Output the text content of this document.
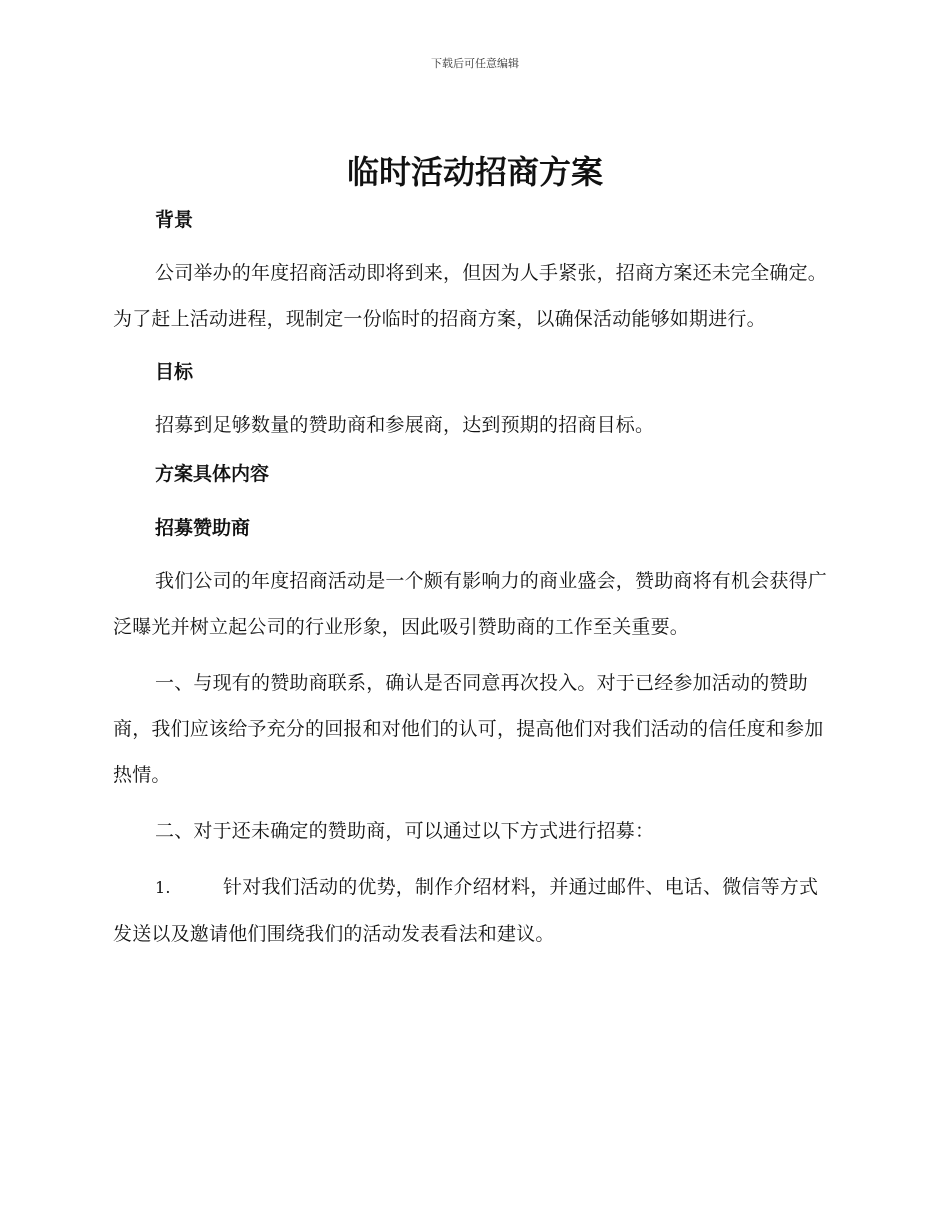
下载后可任意编辑
临时活动招商方案
背景

公司举办的年度招商活动即将到来，但因为人手紧张，招商方案还未完全确定。为了赶上活动进程，现制定一份临时的招商方案，以确保活动能够如期进行。

目标

招募到足够数量的赞助商和参展商，达到预期的招商目标。

方案具体内容
招募赞助商

我们公司的年度招商活动是一个颇有影响力的商业盛会，赞助商将有机会获得广泛曝光并树立起公司的行业形象，因此吸引赞助商的工作至关重要。

一、与现有的赞助商联系，确认是否同意再次投入。对于已经参加活动的赞助商，我们应该给予充分的回报和对他们的认可，提高他们对我们活动的信任度和参加热情。

二、对于还未确定的赞助商，可以通过以下方式进行招募：

1.	针对我们活动的优势，制作介绍材料，并通过邮件、电话、微信等方式发送以及邀请他们围绕我们的活动发表看法和建议。
